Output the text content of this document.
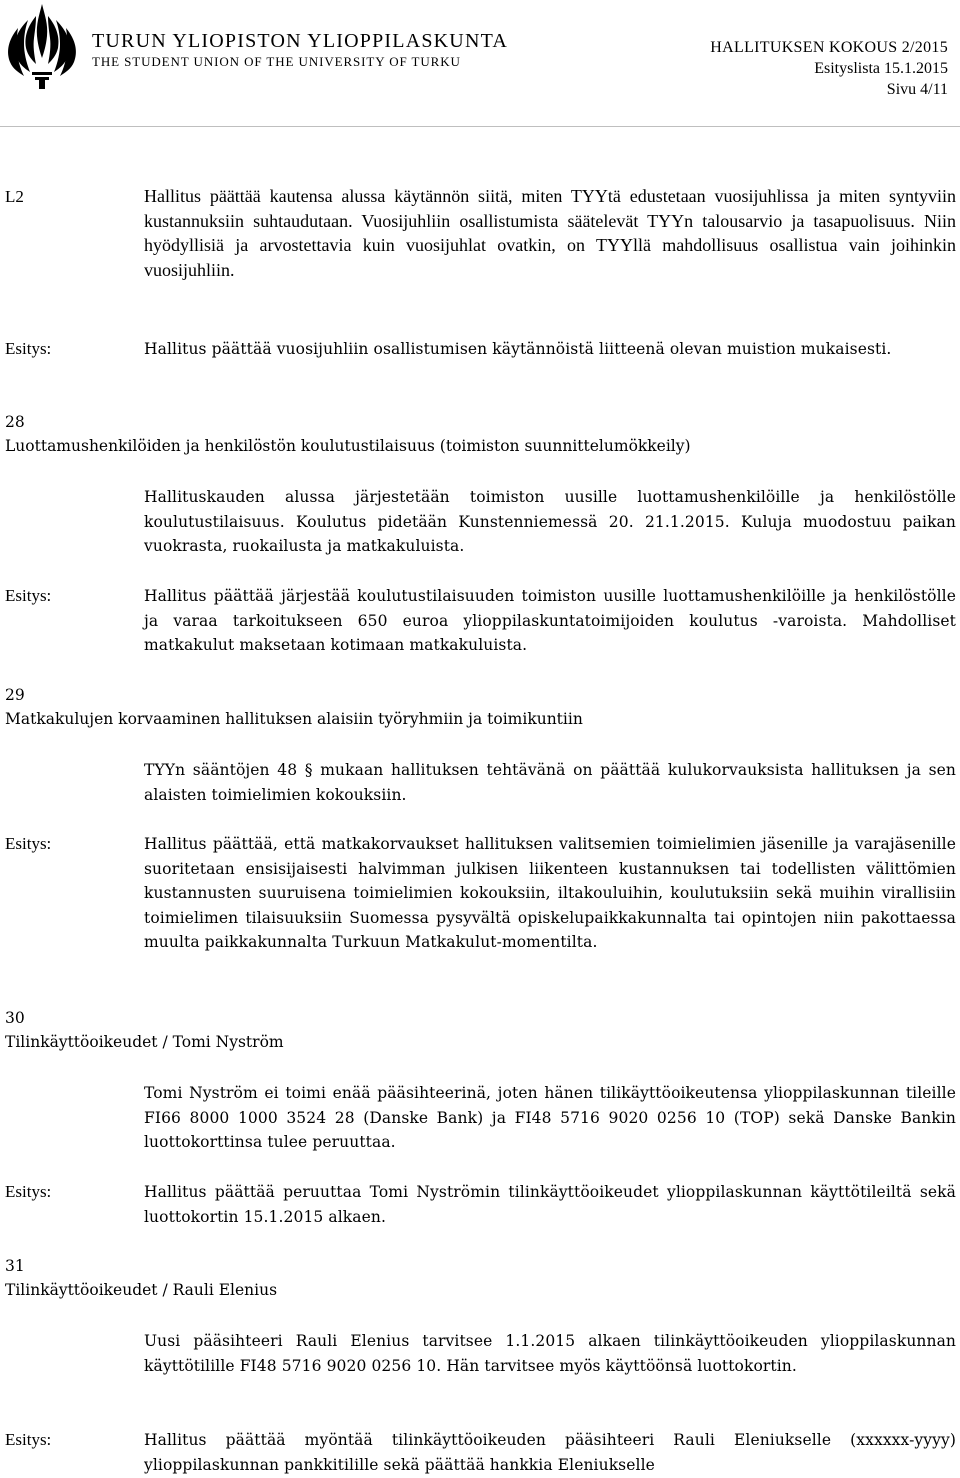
TURUN YLIOPISTON YLIOPPILASKUNTA
THE STUDENT UNION OF THE UNIVERSITY OF TURKU
HALLITUKSEN KOKOUS 2/2015
Esityslista 15.1.2015
Sivu 4/11
L2	Hallitus päättää kautensa alussa käytännön siitä, miten TYYtä edustetaan vuosijuhlissa ja miten syntyviin kustannuksiin suhtaudutaan. Vuosijuhliin osallistumista säätelevät TYYn talousarvio ja tasapuolisuus. Niin hyödyllisiä ja arvostettavia kuin vuosijuhlat ovatkin, on TYYllä mahdollisuus osallistua vain joihinkin vuosijuhliin.
Esitys:	Hallitus päättää vuosijuhliin osallistumisen käytännöistä liitteenä olevan muistion mukaisesti.
28
Luottamushenkilöiden ja henkilöstön koulutustilaisuus (toimiston suunnittelumökkeily)
Hallituskauden alussa järjestetään toimiston uusille luottamushenkilöille ja henkilöstölle koulutustilaisuus. Koulutus pidetään Kunstenniemessä 20. 21.1.2015. Kuluja muodostuu paikan vuokrasta, ruokailusta ja matkakuluista.
Esitys:	Hallitus päättää järjestää koulutustilaisuuden toimiston uusille luottamushenkilöille ja henkilöstölle ja varaa tarkoitukseen 650 euroa ylioppilaskuntatoimijoiden koulutus -varoista. Mahdolliset matkakulut maksetaan kotimaan matkakuluista.
29
Matkakulujen korvaaminen hallituksen alaisiin työryhmiin ja toimikuntiin
TYYn sääntöjen 48 § mukaan hallituksen tehtävänä on päättää kulukorvauksista hallituksen ja sen alaisten toimielimien kokouksiin.
Esitys:	Hallitus päättää, että matkakorvaukset hallituksen valitsemien toimielimien jäsenille ja varajäsenille suoritetaan ensisijaisesti halvimman julkisen liikenteen kustannuksen tai todellisten välittömien kustannusten suuruisena toimielimien kokouksiin, iltakouluihin, koulutuksiin sekä muihin virallisiin toimielimen tilaisuuksiin Suomessa pysyvältä opiskelupaikkakunnalta tai opintojen niin pakottaessa muulta paikkakunnalta Turkuun Matkakulut-momentilta.
30
Tilinkäyttöoikeudet / Tomi Nyström
Tomi Nyström ei toimi enää pääsihteerinä, joten hänen tilikäyttöoikeutensa ylioppilaskunnan tileille FI66 8000 1000 3524 28 (Danske Bank) ja FI48 5716 9020 0256 10 (TOP) sekä Danske Bankin luottokorttinsa tulee peruuttaa.
Esitys:	Hallitus päättää peruuttaa Tomi Nyströmin tilinkäyttöoikeudet ylioppilaskunnan käyttötileiltä sekä luottokortin 15.1.2015 alkaen.
31
Tilinkäyttöoikeudet / Rauli Elenius
Uusi pääsihteeri Rauli Elenius tarvitsee 1.1.2015 alkaen tilinkäyttöoikeuden ylioppilaskunnan käyttötilille FI48 5716 9020 0256 10. Hän tarvitsee myös käyttöönsä luottokortin.
Esitys:	Hallitus päättää myöntää tilinkäyttöoikeuden pääsihteeri Rauli Eleniukselle (xxxxxx-yyyy) ylioppilaskunnan pankkitilille sekä päättää hankkia Eleniukselle
